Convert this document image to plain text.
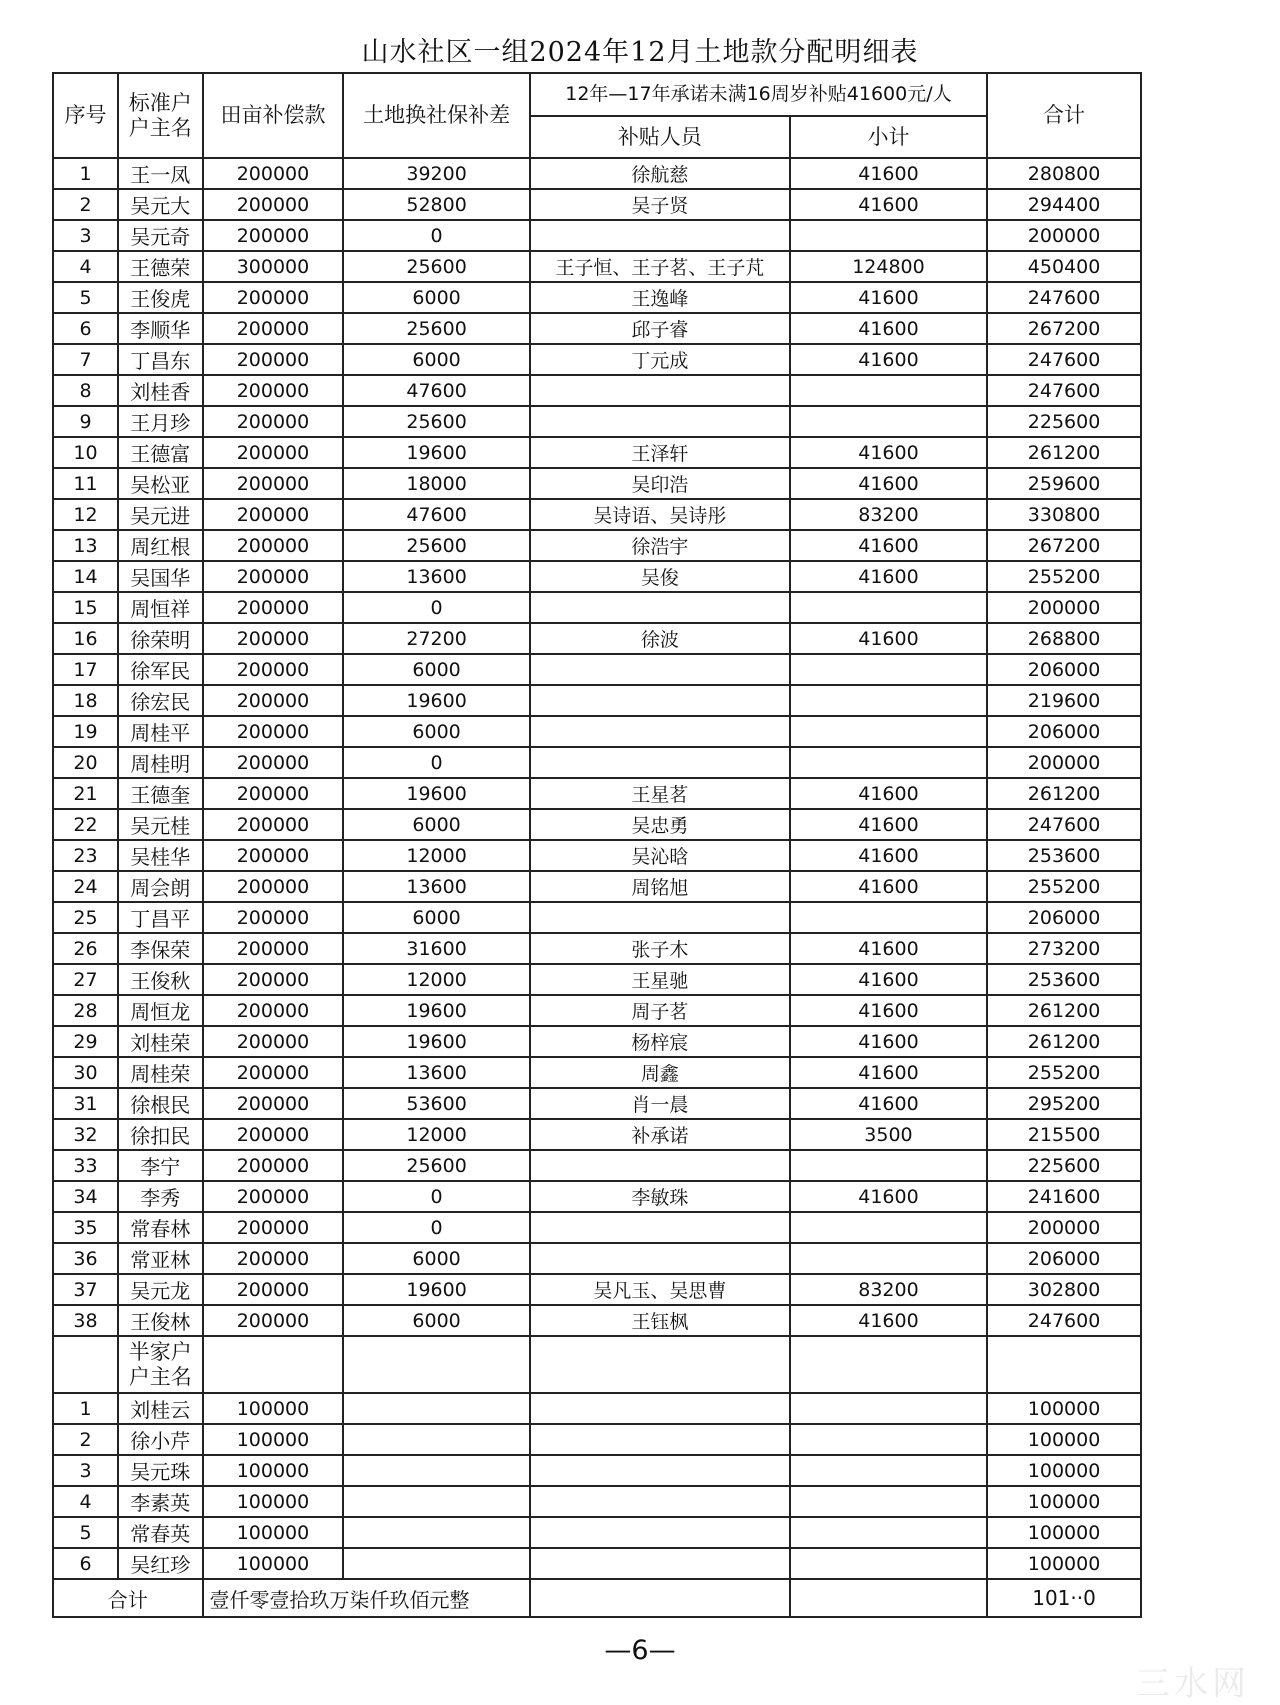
山水社区一组2024年12月土地款分配明细表
序号	标准户户主名	田亩补偿款	土地换社保补差	12年—17年承诺未满16周岁补贴41600元/人		合计
				补贴人员	小计	
1	王一凤	200000	39200	徐航慈	41600	280800
2	吴元大	200000	52800	吴子贤	41600	294400
3	吴元奇	200000	0			200000
4	王德荣	300000	25600	王子恒、王子茗、王子芃	124800	450400
5	王俊虎	200000	6000	王逸峰	41600	247600
6	李顺华	200000	25600	邱子睿	41600	267200
7	丁昌东	200000	6000	丁元成	41600	247600
8	刘桂香	200000	47600			247600
9	王月珍	200000	25600			225600
10	王德富	200000	19600	王泽轩	41600	261200
11	吴松亚	200000	18000	吴印浩	41600	259600
12	吴元进	200000	47600	吴诗语、吴诗彤	83200	330800
13	周红根	200000	25600	徐浩宇	41600	267200
14	吴国华	200000	13600	吴俊	41600	255200
15	周恒祥	200000	0			200000
16	徐荣明	200000	27200	徐波	41600	268800
17	徐军民	200000	6000			206000
18	徐宏民	200000	19600			219600
19	周桂平	200000	6000			206000
20	周桂明	200000	0			200000
21	王德奎	200000	19600	王星茗	41600	261200
22	吴元桂	200000	6000	吴忠勇	41600	247600
23	吴桂华	200000	12000	吴沁晗	41600	253600
24	周会朗	200000	13600	周铭旭	41600	255200
25	丁昌平	200000	6000			206000
26	李保荣	200000	31600	张子木	41600	273200
27	王俊秋	200000	12000	王星驰	41600	253600
28	周恒龙	200000	19600	周子茗	41600	261200
29	刘桂荣	200000	19600	杨梓宸	41600	261200
30	周桂荣	200000	13600	周鑫	41600	255200
31	徐根民	200000	53600	肖一晨	41600	295200
32	徐扣民	200000	12000	补承诺	3500	215500
33	李宁	200000	25600			225600
34	李秀	200000	0	李敏珠	41600	241600
35	常春林	200000	0			200000
36	常亚林	200000	6000			206000
37	吴元龙	200000	19600	吴凡玉、吴思曹	83200	302800
38	王俊林	200000	6000	王钰枫	41600	247600
	半家户户主名					
1	刘桂云	100000				100000
2	徐小芹	100000				100000
3	吴元珠	100000				100000
4	李素英	100000				100000
5	常春英	100000				100000
6	吴红珍	100000				100000
合计		壹仟零壹拾玖万柒仟玖佰元整				101··0
—6—
三水网
